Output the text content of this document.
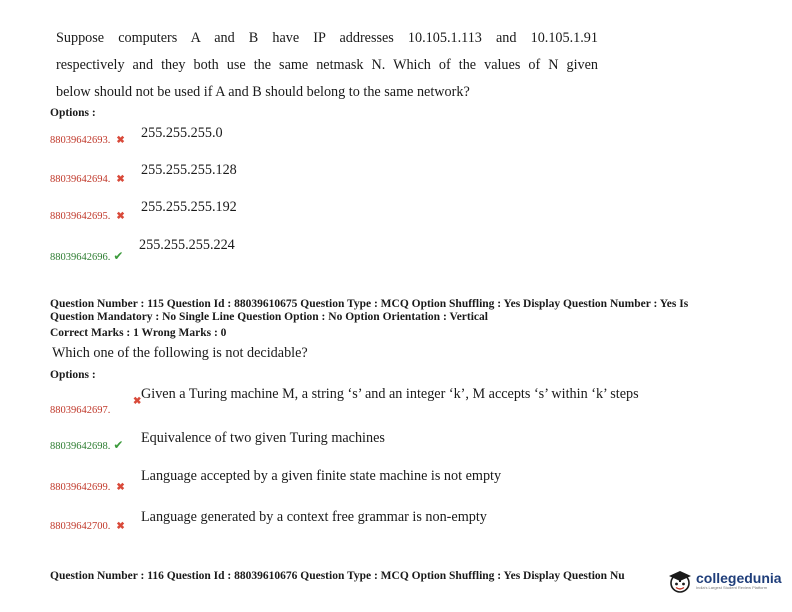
Suppose computers A and B have IP addresses 10.105.1.113 and 10.105.1.91
respectively and they both use the same netmask N. Which of the values of N given
below should not be used if A and B should belong to the same network?
Options :
88039642693. ✖ 255.255.255.0
88039642694. ✖
255.255.255.128
88039642695. ✖
255.255.255.192
88039642696. ✔
255.255.255.224
Question Number : 115 Question Id : 88039610675 Question Type : MCQ Option Shuffling : Yes Display Question Number : Yes Is
Question Mandatory : No Single Line Question Option : No Option Orientation : Vertical
Correct Marks : 1 Wrong Marks : 0
Which one of the following is not decidable?
Options :
88039642697.
✖ Given a Turing machine M, a string ‘s’ and an integer ‘k’, M accepts ‘s’ within ‘k’ steps
88039642698. ✔ Equivalence of two given Turing machines
88039642699. ✖
Language accepted by a given finite state machine is not empty
88039642700. ✖
Language generated by a context free grammar is non-empty
Question Number : 116 Question Id : 88039610676 Question Type : MCQ Option Shuffling : Yes Display Question Nu	collegedunia
India's Largest Student Review Platform
